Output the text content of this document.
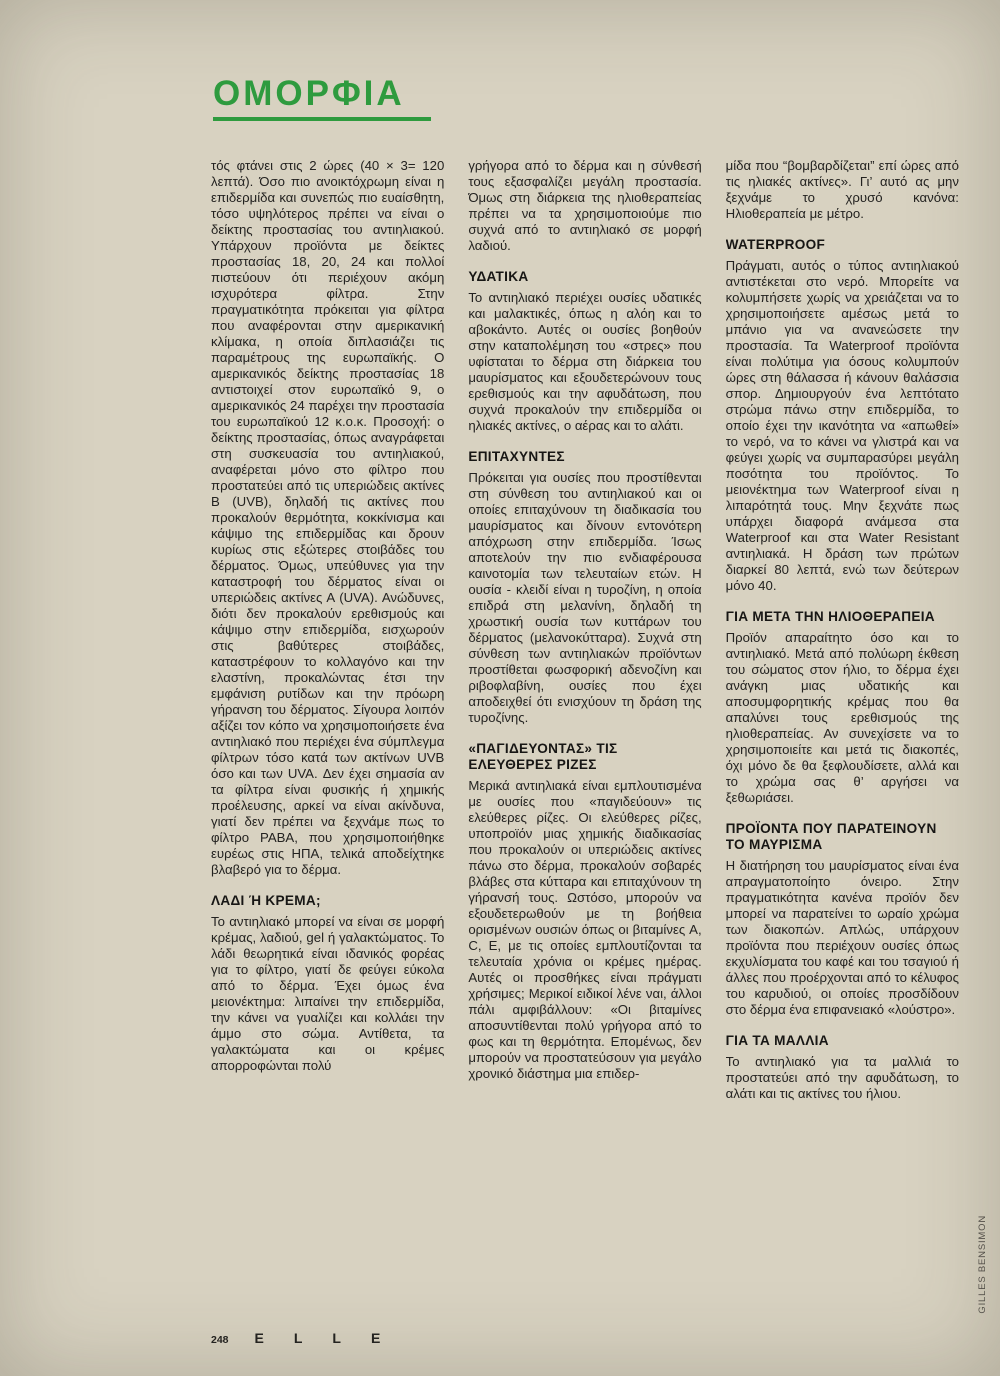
ΟΜΟΡΦΙΑ

τός φτάνει στις 2 ώρες (40 × 3= 120 λεπτά). Όσο πιο ανοικτόχρωμη είναι η επιδερμίδα και συνεπώς πιο ευαίσθητη, τόσο υψηλότερος πρέπει να είναι ο δείκτης προστασίας του αντιηλιακού. Υπάρχουν προϊόντα με δείκτες προστασίας 18, 20, 24 και πολλοί πιστεύουν ότι περιέχουν ακόμη ισχυρότερα φίλτρα. Στην πραγματικότητα πρόκειται για φίλτρα που αναφέρονται στην αμερικανική κλίμακα, η οποία διπλασιάζει τις παραμέτρους της ευρωπαϊκής. Ο αμερικανικός δείκτης προστασίας 18 αντιστοιχεί στον ευρωπαϊκό 9, ο αμερικανικός 24 παρέχει την προστασία του ευρωπαϊκού 12 κ.ο.κ. Προσοχή: ο δείκτης προστασίας, όπως αναγράφεται στη συσκευασία του αντιηλιακού, αναφέρεται μόνο στο φίλτρο που προστατεύει από τις υπεριώδεις ακτίνες Β (UVB), δηλαδή τις ακτίνες που προκαλούν θερμότητα, κοκκίνισμα και κάψιμο της επιδερμίδας και δρουν κυρίως στις εξώτερες στοιβάδες του δέρματος. Όμως, υπεύθυνες για την καταστροφή του δέρματος είναι οι υπεριώδεις ακτίνες Α (UVA). Ανώδυνες, διότι δεν προκαλούν ερεθισμούς και κάψιμο στην επιδερμίδα, εισχωρούν στις βαθύτερες στοιβάδες, καταστρέφουν το κολλαγόνο και την ελαστίνη, προκαλώντας έτσι την εμφάνιση ρυτίδων και την πρόωρη γήρανση του δέρματος. Σίγουρα λοιπόν αξίζει τον κόπο να χρησιμοποιήσετε ένα αντιηλιακό που περιέχει ένα σύμπλεγμα φίλτρων τόσο κατά των ακτίνων UVB όσο και των UVA. Δεν έχει σημασία αν τα φίλτρα είναι φυσικής ή χημικής προέλευσης, αρκεί να είναι ακίνδυνα, γιατί δεν πρέπει να ξεχνάμε πως το φίλτρο PABA, που χρησιμοποιήθηκε ευρέως στις ΗΠΑ, τελικά αποδείχτηκε βλαβερό για το δέρμα.

ΛΑΔΙ Ή ΚΡΕΜΑ;

Το αντιηλιακό μπορεί να είναι σε μορφή κρέμας, λαδιού, gel ή γαλακτώματος. Το λάδι θεωρητικά είναι ιδανικός φορέας για το φίλτρο, γιατί δε φεύγει εύκολα από το δέρμα. Έχει όμως ένα μειονέκτημα: λιπαίνει την επιδερμίδα, την κάνει να γυαλίζει και κολλάει την άμμο στο σώμα. Αντίθετα, τα γαλακτώματα και οι κρέμες απορροφώνται πολύ

γρήγορα από το δέρμα και η σύνθεσή τους εξασφαλίζει μεγάλη προστασία. Όμως στη διάρκεια της ηλιοθεραπείας πρέπει να τα χρησιμοποιούμε πιο συχνά από το αντιηλιακό σε μορφή λαδιού.

ΥΔΑΤΙΚΑ

Το αντιηλιακό περιέχει ουσίες υδατικές και μαλακτικές, όπως η αλόη και το αβοκάντο. Αυτές οι ουσίες βοηθούν στην καταπολέμηση του «στρες» που υφίσταται το δέρμα στη διάρκεια του μαυρίσματος και εξουδετερώνουν τους ερεθισμούς και την αφυδάτωση, που συχνά προκαλούν την επιδερμίδα οι ηλιακές ακτίνες, ο αέρας και το αλάτι.

ΕΠΙΤΑΧΥΝΤΕΣ

Πρόκειται για ουσίες που προστίθενται στη σύνθεση του αντιηλιακού και οι οποίες επιταχύνουν τη διαδικασία του μαυρίσματος και δίνουν εντονότερη απόχρωση στην επιδερμίδα. Ίσως αποτελούν την πιο ενδιαφέρουσα καινοτομία των τελευταίων ετών. Η ουσία - κλειδί είναι η τυροζίνη, η οποία επιδρά στη μελανίνη, δηλαδή τη χρωστική ουσία των κυττάρων του δέρματος (μελανοκύτταρα). Συχνά στη σύνθεση των αντιηλιακών προϊόντων προστίθεται φωσφορική αδενοζίνη και ριβοφλαβίνη, ουσίες που έχει αποδειχθεί ότι ενισχύουν τη δράση της τυροζίνης.

«ΠΑΓΙΔΕΥΟΝΤΑΣ» ΤΙΣ ΕΛΕΥΘΕΡΕΣ ΡΙΖΕΣ

Μερικά αντιηλιακά είναι εμπλουτισμένα με ουσίες που «παγιδεύουν» τις ελεύθερες ρίζες. Οι ελεύθερες ρίζες, υποπροϊόν μιας χημικής διαδικασίας που προκαλούν οι υπεριώδεις ακτίνες πάνω στο δέρμα, προκαλούν σοβαρές βλάβες στα κύτταρα και επιταχύνουν τη γήρανσή τους. Ωστόσο, μπορούν να εξουδετερωθούν με τη βοήθεια ορισμένων ουσιών όπως οι βιταμίνες A, C, E, με τις οποίες εμπλουτίζονται τα τελευταία χρόνια οι κρέμες ημέρας. Αυτές οι προσθήκες είναι πράγματι χρήσιμες; Μερικοί ειδικοί λένε ναι, άλλοι πάλι αμφιβάλλουν: «Οι βιταμίνες αποσυντίθενται πολύ γρήγορα από το φως και τη θερμότητα. Επομένως, δεν μπορούν να προστατεύσουν για μεγάλο χρονικό διάστημα μια επιδερ-

μίδα που “βομβαρδίζεται” επί ώρες από τις ηλιακές ακτίνες». Γι’ αυτό ας μην ξεχνάμε το χρυσό κανόνα: Ηλιοθεραπεία με μέτρο.

WATERPROOF

Πράγματι, αυτός ο τύπος αντιηλιακού αντιστέκεται στο νερό. Μπορείτε να κολυμπήσετε χωρίς να χρειάζεται να το χρησιμοποιήσετε αμέσως μετά το μπάνιο για να ανανεώσετε την προστασία. Τα Waterproof προϊόντα είναι πολύτιμα για όσους κολυμπούν ώρες στη θάλασσα ή κάνουν θαλάσσια σπορ. Δημιουργούν ένα λεπτότατο στρώμα πάνω στην επιδερμίδα, το οποίο έχει την ικανότητα να «απωθεί» το νερό, να το κάνει να γλιστρά και να φεύγει χωρίς να συμπαρασύρει μεγάλη ποσότητα του προϊόντος. Το μειονέκτημα των Waterproof είναι η λιπαρότητά τους. Μην ξεχνάτε πως υπάρχει διαφορά ανάμεσα στα Waterproof και στα Water Resistant αντιηλιακά. Η δράση των πρώτων διαρκεί 80 λεπτά, ενώ των δεύτερων μόνο 40.

ΓΙΑ ΜΕΤΑ ΤΗΝ ΗΛΙΟΘΕΡΑΠΕΙΑ

Προϊόν απαραίτητο όσο και το αντιηλιακό. Μετά από πολύωρη έκθεση του σώματος στον ήλιο, το δέρμα έχει ανάγκη μιας υδατικής και αποσυμφορητικής κρέμας που θα απαλύνει τους ερεθισμούς της ηλιοθεραπείας. Αν συνεχίσετε να το χρησιμοποιείτε και μετά τις διακοπές, όχι μόνο δε θα ξεφλουδίσετε, αλλά και το χρώμα σας θ’ αργήσει να ξεθωριάσει.

ΠΡΟΪΟΝΤΑ ΠΟΥ ΠΑΡΑΤΕΙΝΟΥΝ ΤΟ ΜΑΥΡΙΣΜΑ

Η διατήρηση του μαυρίσματος είναι ένα απραγματοποίητο όνειρο. Στην πραγματικότητα κανένα προϊόν δεν μπορεί να παρατείνει το ωραίο χρώμα των διακοπών. Απλώς, υπάρχουν προϊόντα που περιέχουν ουσίες όπως εκχυλίσματα του καφέ και του τσαγιού ή άλλες που προέρχονται από το κέλυφος του καρυδιού, οι οποίες προσδίδουν στο δέρμα ένα επιφανειακό «λούστρο».

ΓΙΑ ΤΑ ΜΑΛΛΙΑ

Το αντιηλιακό για τα μαλλιά το προστατεύει από την αφυδάτωση, το αλάτι και τις ακτίνες του ήλιου.

248 ELLE
GILLES BENSIMON
